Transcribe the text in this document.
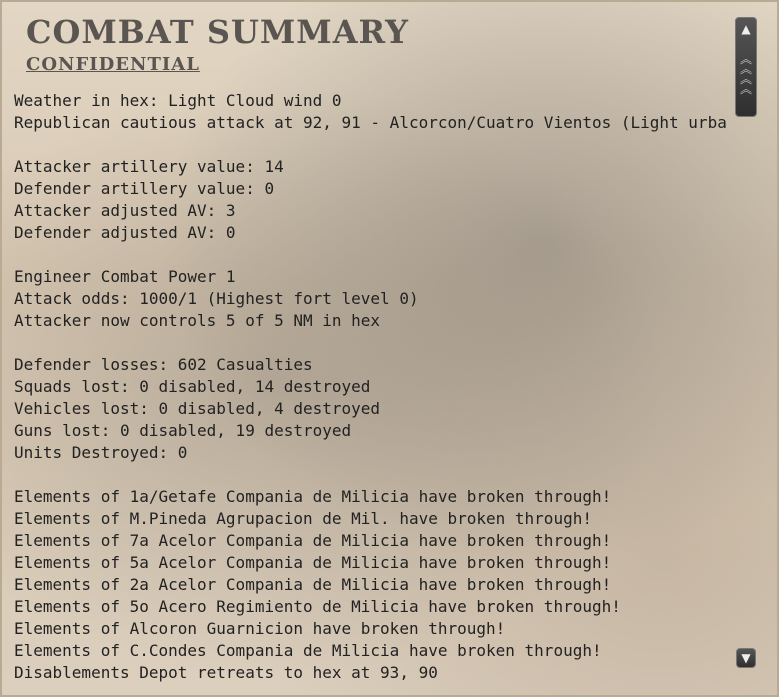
COMBAT SUMMARY
CONFIDENTIAL
Weather in hex: Light Cloud wind 0
Republican cautious attack at 92, 91 - Alcorcon/Cuatro Vientos (Light urba
Attacker artillery value: 14
Defender artillery value: 0
Attacker adjusted AV: 3
Defender adjusted AV: 0
Engineer Combat Power 1
Attack odds: 1000/1 (Highest fort level 0)
Attacker now controls 5 of 5 NM in hex
Defender losses: 602 Casualties
Squads lost: 0 disabled, 14 destroyed
Vehicles lost: 0 disabled, 4 destroyed
Guns lost: 0 disabled, 19 destroyed
Units Destroyed: 0
Elements of 1a/Getafe Compania de Milicia have broken through!
Elements of M.Pineda Agrupacion de Mil. have broken through!
Elements of 7a Acelor Compania de Milicia have broken through!
Elements of 5a Acelor Compania de Milicia have broken through!
Elements of 2a Acelor Compania de Milicia have broken through!
Elements of 5o Acero Regimiento de Milicia have broken through!
Elements of Alcoron Guarnicion have broken through!
Elements of C.Condes Compania de Milicia have broken through!
Disablements Depot retreats to hex at 93, 90
▲
︽
︽
︽
︽
▼
